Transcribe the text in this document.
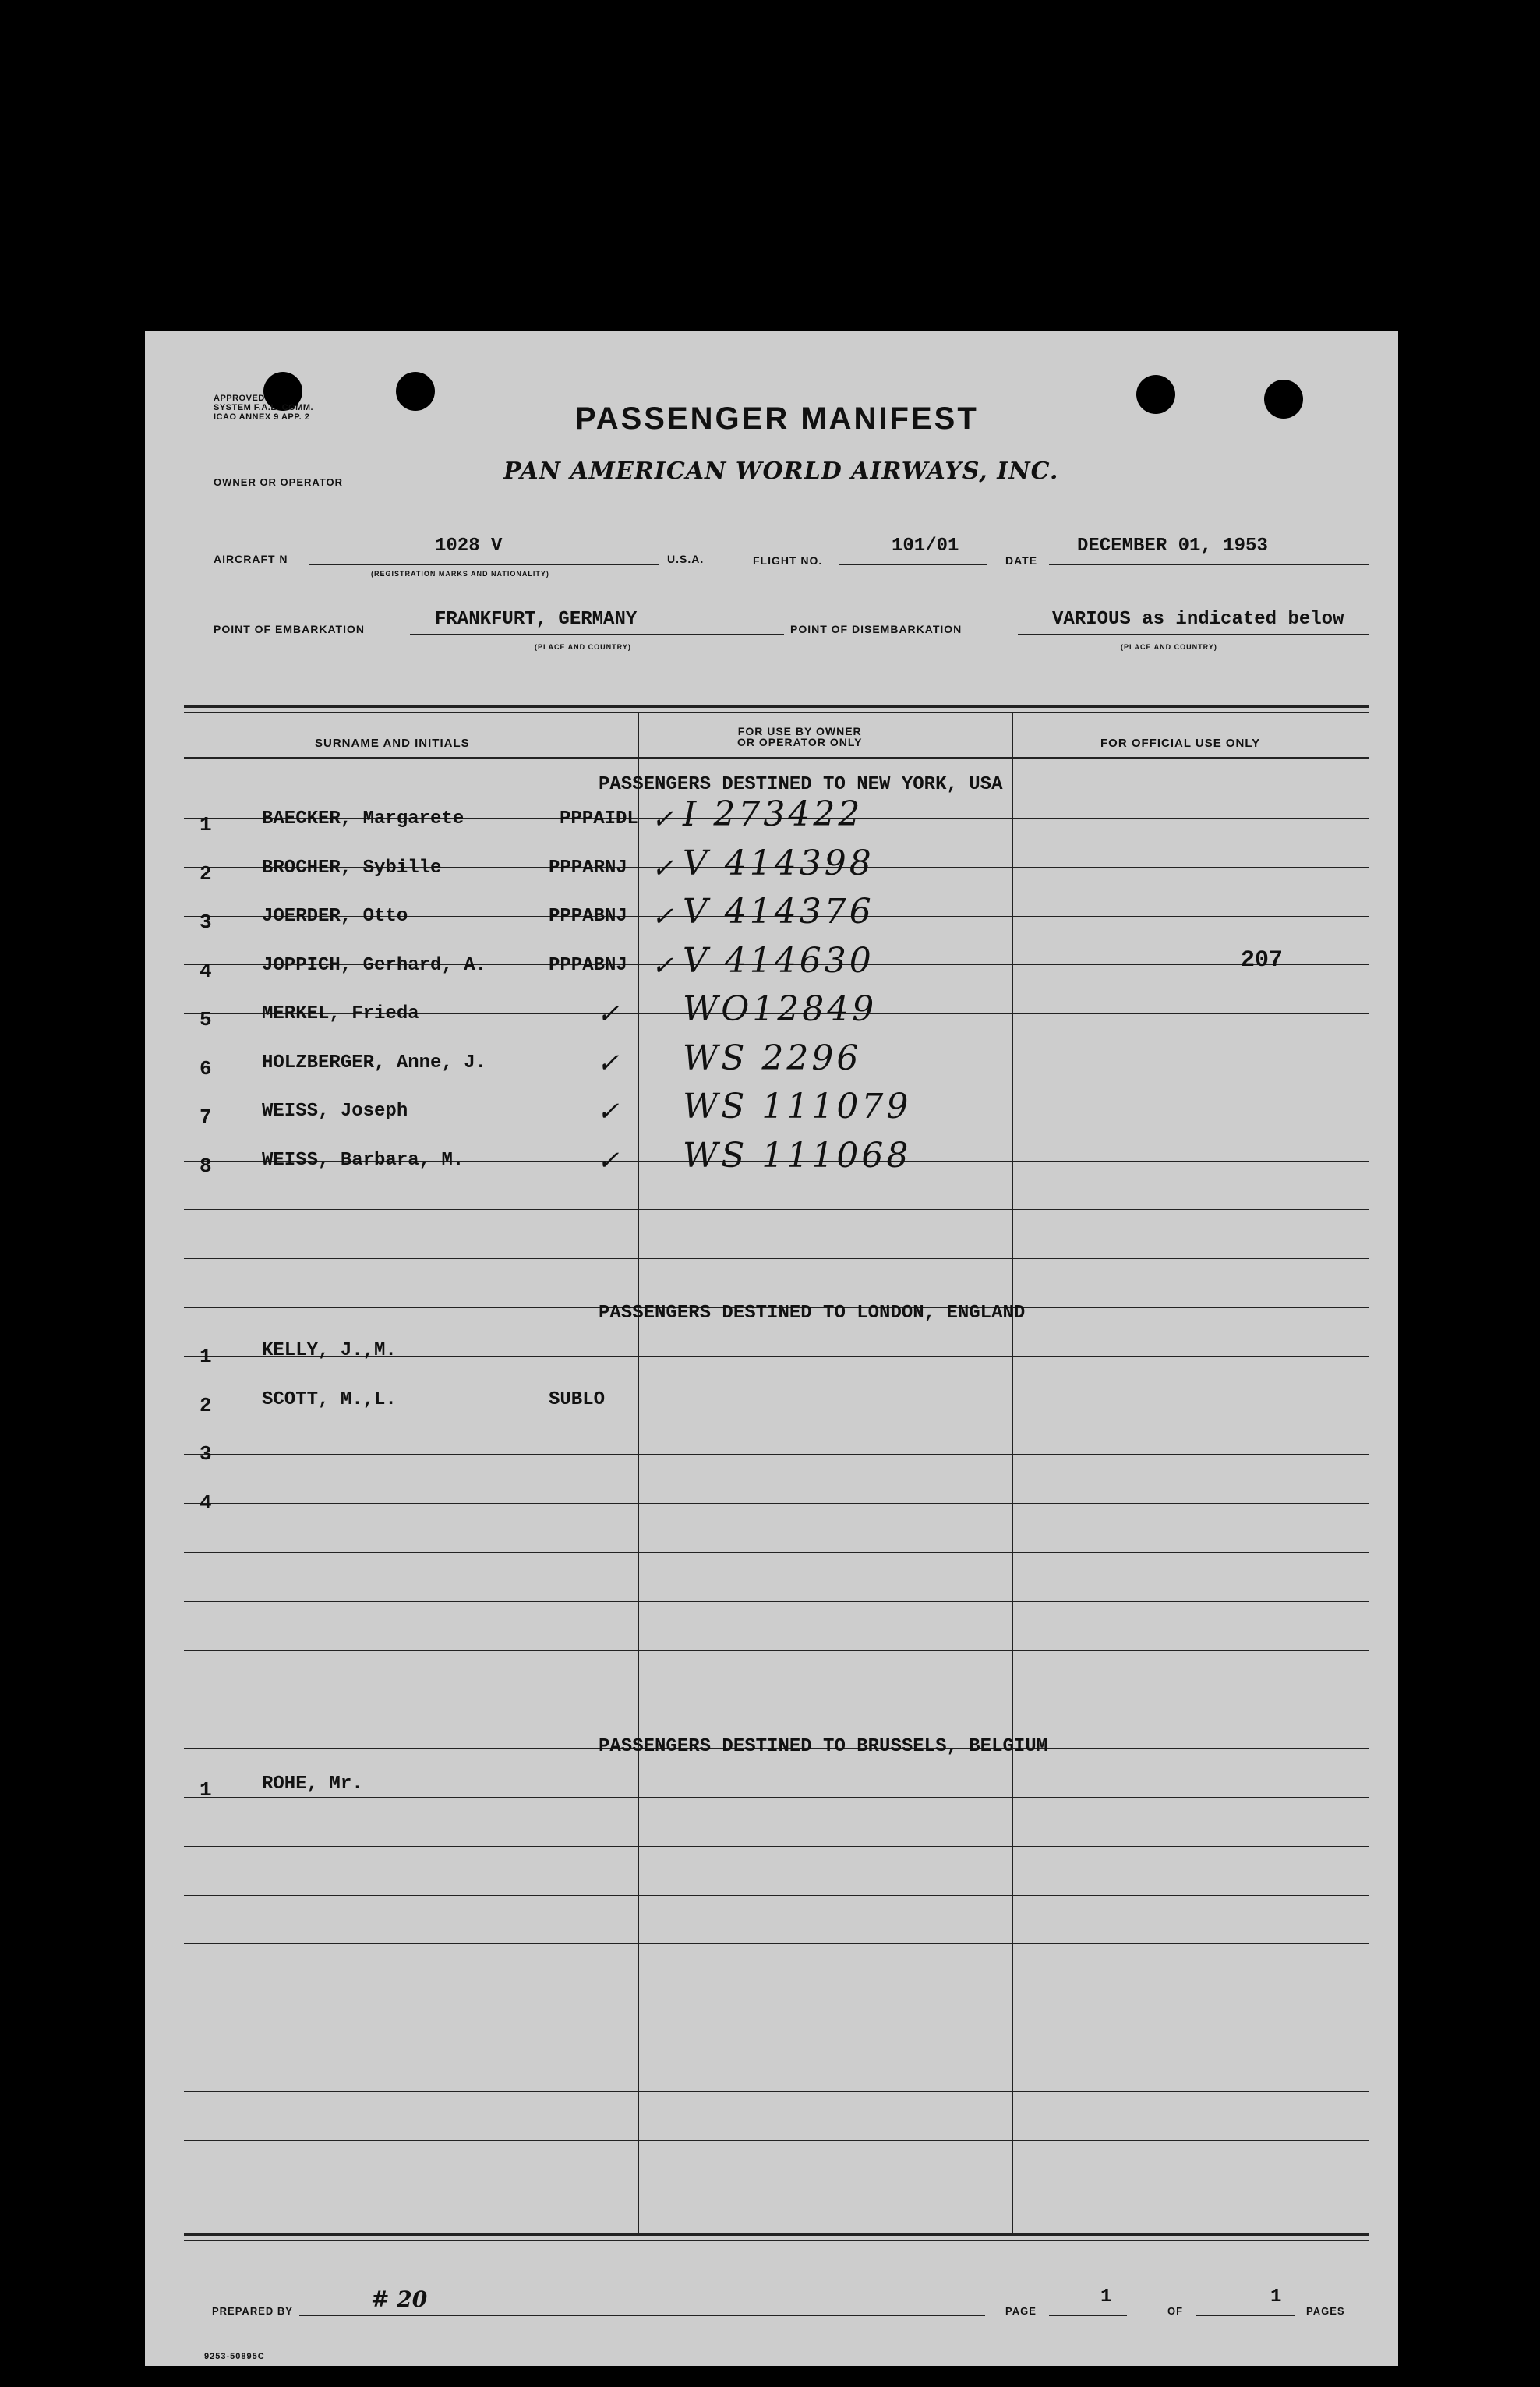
APPROVED
SYSTEM F.A.L. COMM.
ICAO ANNEX 9 APP. 2	PASSENGER MANIFEST
OWNER OR OPERATOR	PAN AMERICAN WORLD AIRWAYS, INC.
AIRCRAFT N
1028 V
(REGISTRATION MARKS AND NATIONALITY)
U.S.A.	FLIGHT NO.
101/01
DATE
DECEMBER 01, 1953
POINT OF EMBARKATION	FRANKFURT, GERMANY
(PLACE AND COUNTRY)
POINT OF DISEMBARKATION	VARIOUS as indicated below
(PLACE AND COUNTRY)
SURNAME AND INITIALS
FOR USE BY OWNER
OR OPERATOR ONLY	FOR OFFICIAL USE ONLY
PASSENGERS DESTINED TO NEW YORK, USA
1	BAECKER, Margarete	PPPAIDL ✓ I 273422
2	BROCHER, Sybille	PPPARNJ ✓ V 414398
3	JOERDER, Otto	PPPABNJ ✓ V 414376
4	JOPPICH, Gerhard, A.	PPPABNJ ✓ V 414630
5	MERKEL, Frieda	✓ WO12849
6	HOLZBERGER, Anne, J.	✓ WS 2296
7	WEISS, Joseph	✓ WS 111079
8	WEISS, Barbara, M.	✓ WS 111068
207
PASSENGERS DESTINED TO LONDON, ENGLAND
1	KELLY, J.,M.
2	SCOTT, M.,L.	SUBLO
3
4
PASSENGERS DESTINED TO BRUSSELS, BELGIUM
1	ROHE, Mr.
PREPARED BY	# 20	PAGE
1
OF
1
PAGES
9253-50895C
